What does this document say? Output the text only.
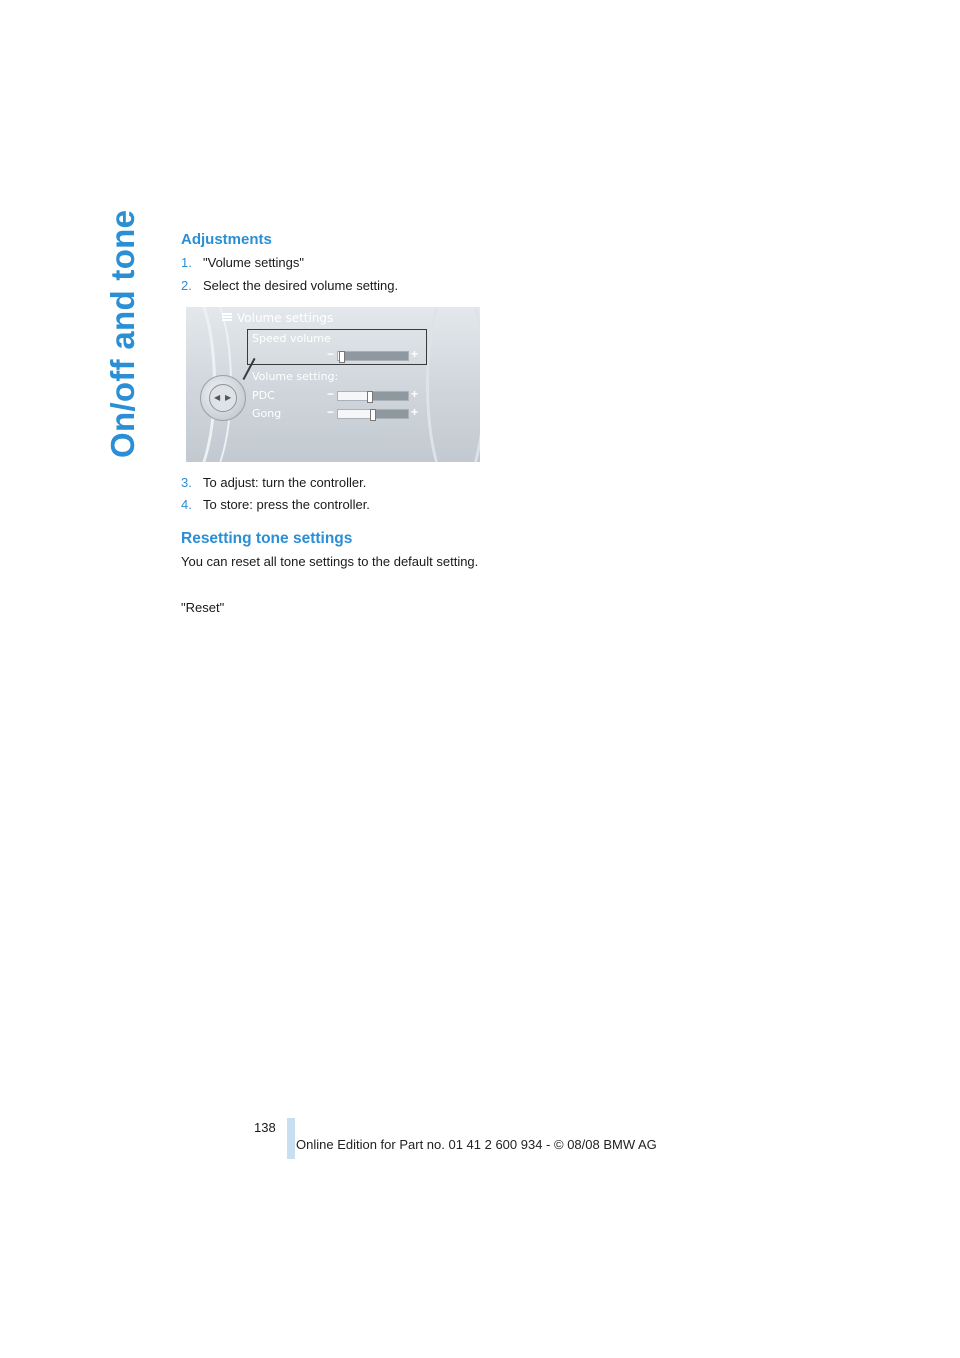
On/off and tone	Adjustments
1. "Volume settings"
2. Select the desired volume setting.
Volume settings
Speed volume
−	+
Volume setting:
PDC	−	+
Gong	−	+
◀ ▶
3. To adjust: turn the controller.
4. To store: press the controller.
Resetting tone settings

You can reset all tone settings to the default setting.

"Reset"

138
Online Edition for Part no. 01 41 2 600 934 - © 08/08 BMW AG
